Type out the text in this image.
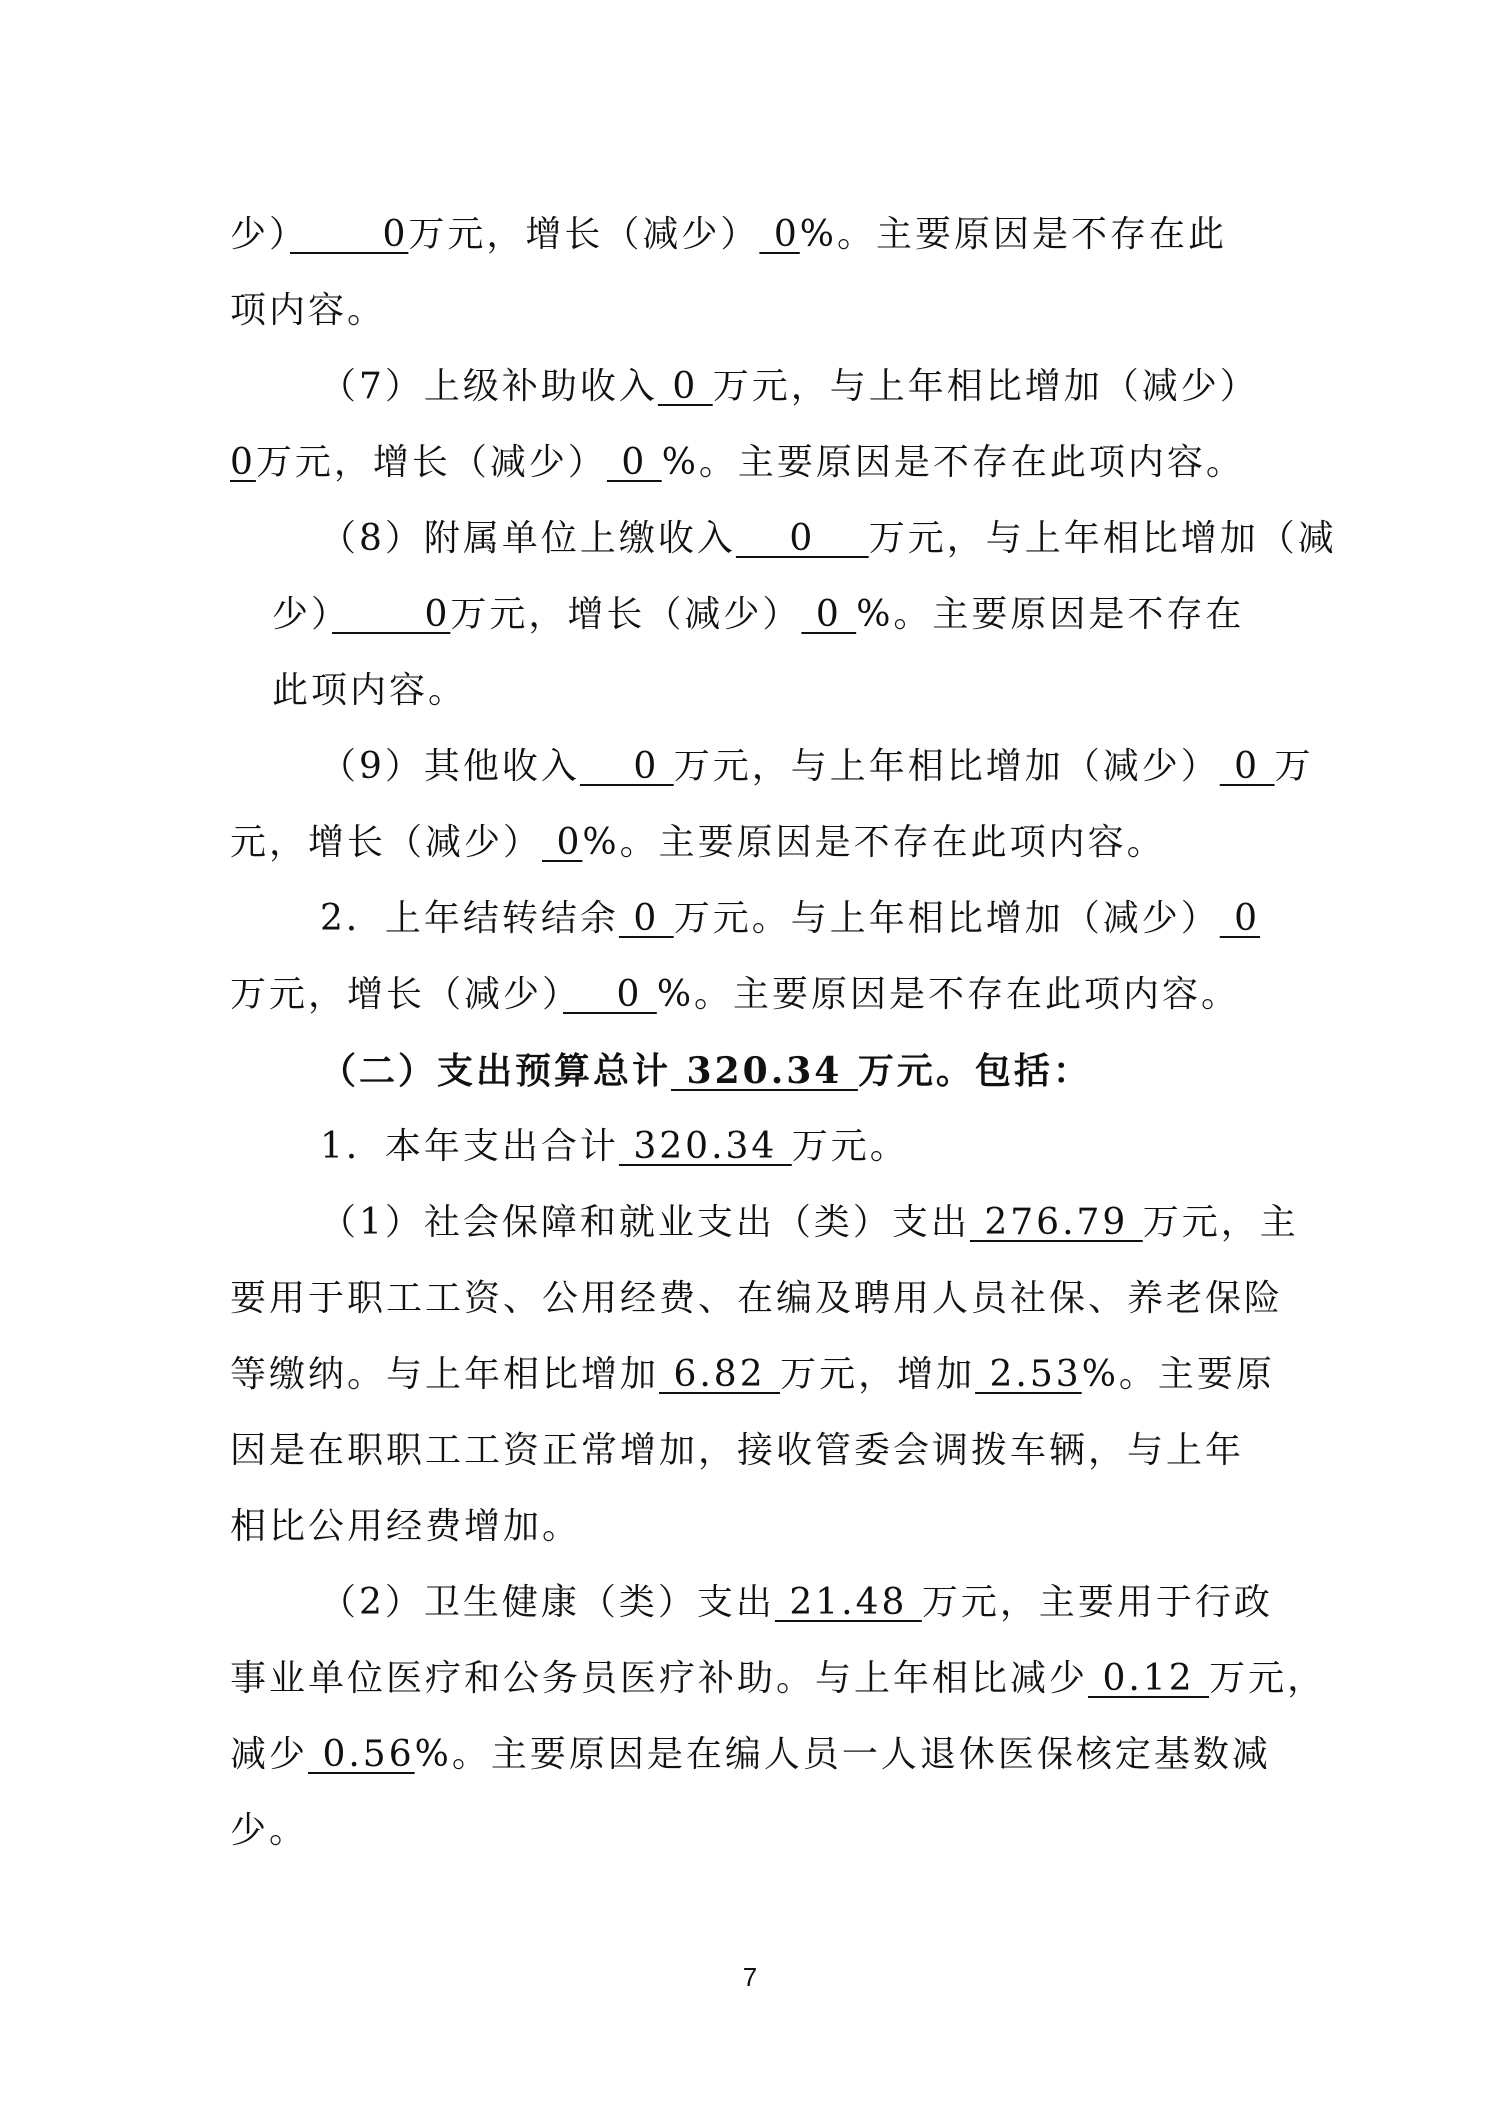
少）　　 0万元，增长（减少） 0%。主要原因是不存在此
项内容。
（7）上级补助收入 0 万元，与上年相比增加（减少）
0万元，增长（减少） 0 %。主要原因是不存在此项内容。
（8）附属单位上缴收入　 0 　万元，与上年相比增加（减
少）　　 0万元，增长（减少） 0 %。主要原因是不存在
此项内容。
（9）其他收入　 0 万元，与上年相比增加（减少） 0 万
元，增长（减少） 0%。主要原因是不存在此项内容。
2．上年结转结余 0 万元。与上年相比增加（减少） 0
万元，增长（减少）　 0 %。主要原因是不存在此项内容。
（二）支出预算总计 320.34 万元。包括：
1．本年支出合计 320.34 万元。
（1）社会保障和就业支出（类）支出 276.79 万元，主
要用于职工工资、公用经费、在编及聘用人员社保、养老保险
等缴纳。与上年相比增加 6.82 万元，增加 2.53%。主要原
因是在职职工工资正常增加，接收管委会调拨车辆，与上年
相比公用经费增加。
（2）卫生健康（类）支出 21.48 万元，主要用于行政
事业单位医疗和公务员医疗补助。与上年相比减少 0.12 万元，
减少 0.56%。主要原因是在编人员一人退休医保核定基数减
少。
7
